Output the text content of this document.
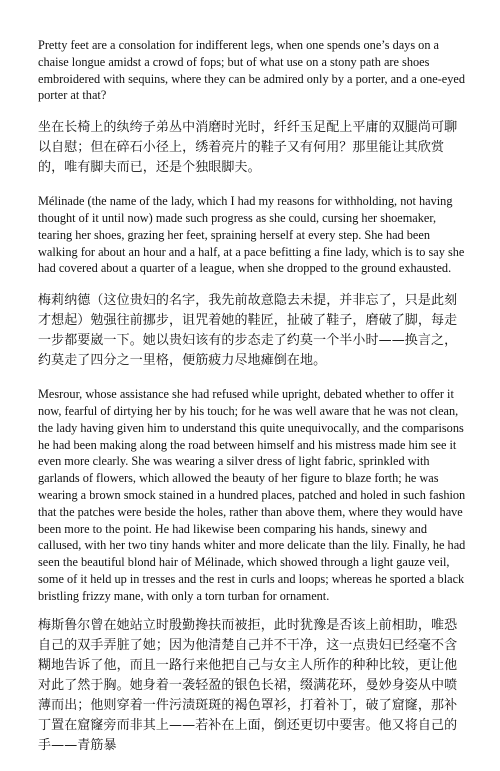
Pretty feet are a consolation for indifferent legs, when one spends one’s days on a chaise longue amidst a crowd of fops; but of what use on a stony path are shoes embroidered with sequins, where they can be admired only by a porter, and a one-eyed porter at that?

坐在长椅上的纨绔子弟丛中消磨时光时，纤纤玉足配上平庸的双腿尚可聊以自慰；但在碎石小径上，绣着亮片的鞋子又有何用？那里能让其欣赏的，唯有脚夫而已，还是个独眼脚夫。

Mélinade (the name of the lady, which I had my reasons for withholding, not having thought of it until now) made such progress as she could, cursing her shoemaker, tearing her shoes, grazing her feet, spraining herself at every step. She had been walking for about an hour and a half, at a pace befitting a fine lady, which is to say she had covered about a quarter of a league, when she dropped to the ground exhausted.

梅莉纳德（这位贵妇的名字，我先前故意隐去未提，并非忘了，只是此刻才想起）勉强往前挪步，诅咒着她的鞋匠，扯破了鞋子，磨破了脚，每走一步都要崴一下。她以贵妇该有的步态走了约莫一个半小时——换言之，约莫走了四分之一里格，便筋疲力尽地瘫倒在地。

Mesrour, whose assistance she had refused while upright, debated whether to offer it now, fearful of dirtying her by his touch; for he was well aware that he was not clean, the lady having given him to understand this quite unequivocally, and the comparisons he had been making along the road between himself and his mistress made him see it even more clearly. She was wearing a silver dress of light fabric, sprinkled with garlands of flowers, which allowed the beauty of her figure to blaze forth; he was wearing a brown smock stained in a hundred places, patched and holed in such fashion that the patches were beside the holes, rather than above them, where they would have been more to the point. He had likewise been comparing his hands, sinewy and callused, with her two tiny hands whiter and more delicate than the lily. Finally, he had seen the beautiful blond hair of Mélinade, which showed through a light gauze veil, some of it held up in tresses and the rest in curls and loops; whereas he sported a black bristling frizzy mane, with only a torn turban for ornament.

梅斯鲁尔曾在她站立时殷勤搀扶而被拒，此时犹豫是否该上前相助，唯恐自己的双手弄脏了她；因为他清楚自己并不干净，这一点贵妇已经毫不含糊地告诉了他，而且一路行来他把自己与女主人所作的种种比较，更让他对此了然于胸。她身着一袭轻盈的银色长裙，缀满花环，曼妙身姿从中喷薄而出；他则穿着一件污渍斑斑的褐色罩衫，打着补丁，破了窟窿，那补丁置在窟窿旁而非其上——若补在上面，倒还更切中要害。他又将自己的手——青筋暴
